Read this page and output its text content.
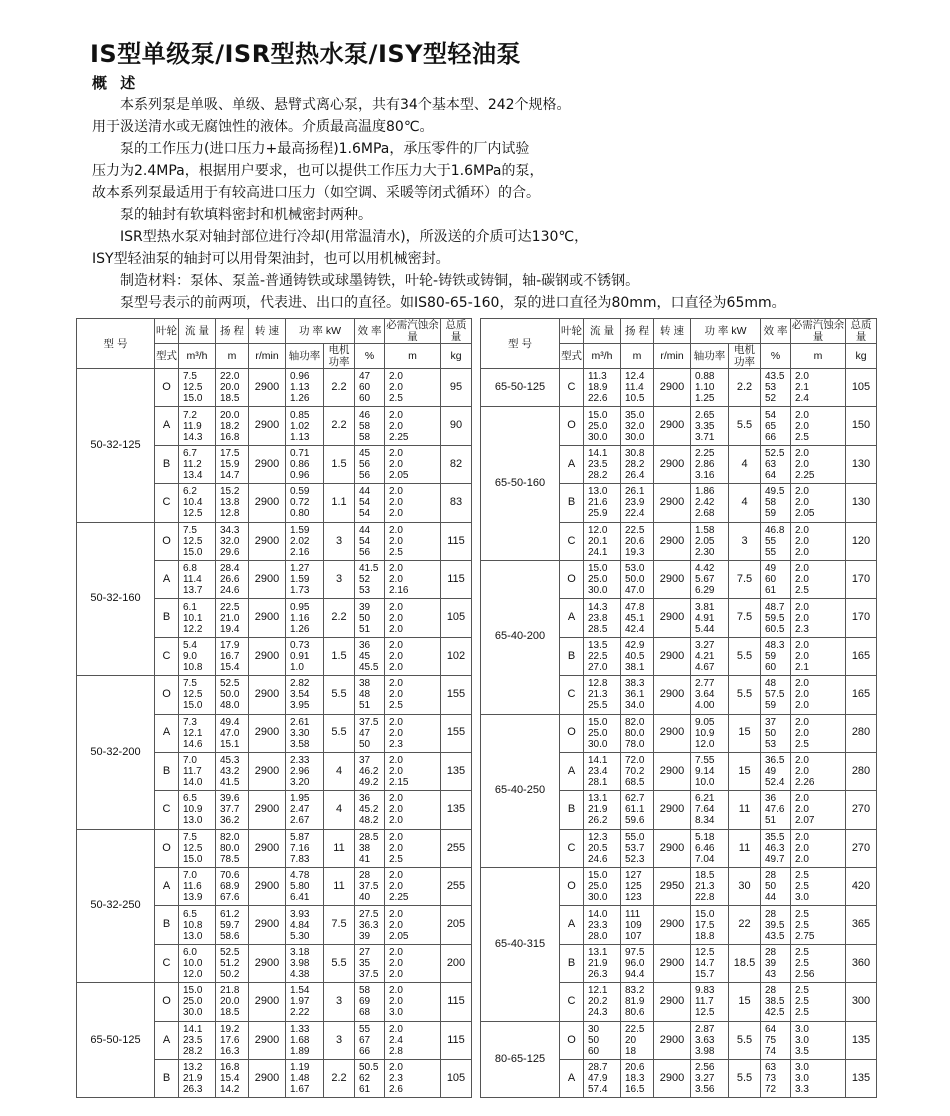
IS型单级泵/ISR型热水泵/ISY型轻油泵
概 述

本系列泵是单吸、单级、悬臂式离心泵，共有34个基本型、242个规格。

用于汲送清水或无腐蚀性的液体。介质最高温度80℃。

泵的工作压力(进口压力+最高扬程)1.6MPa，承压零件的厂内试验

压力为2.4MPa，根据用户要求，也可以提供工作压力大于1.6MPa的泵，

故本系列泵最适用于有较高进口压力（如空调、采暖等闭式循环）的合。

泵的轴封有软填料密封和机械密封两种。

ISR型热水泵对轴封部位进行冷却(用常温清水)，所汲送的介质可达130℃，

ISY型轻油泵的轴封可以用骨架油封，也可以用机械密封。

制造材料：泵体、泵盖-普通铸铁或球墨铸铁，叶轮-铸铁或铸铜，轴-碳钢或不锈钢。

泵型号表示的前两项，代表进、出口的直径。如IS80-65-160，泵的进口直径为80mm，口直径为65mm。

型 号	叶轮	流 量	扬 程	转 速	功 率 kW		效 率	必需汽蚀余量	总质量
	型式	m³/h	m	r/min	轴功率	电机功率	%	m	kg
50-32-125	O	7.5
12.5
15.0	22.0
20.0
18.5	2900	0.96
1.13
1.26	2.2	47
60
60	2.0
2.0
2.5	95
	A	7.2
11.9
14.3	20.0
18.2
16.8	2900	0.85
1.02
1.13	2.2	46
58
58	2.0
2.0
2.25	90
	B	6.7
11.2
13.4	17.5
15.9
14.7	2900	0.71
0.86
0.96	1.5	45
56
56	2.0
2.0
2.05	82
	C	6.2
10.4
12.5	15.2
13.8
12.8	2900	0.59
0.72
0.80	1.1	44
54
54	2.0
2.0
2.0	83
50-32-160	O	7.5
12.5
15.0	34.3
32.0
29.6	2900	1.59
2.02
2.16	3	44
54
56	2.0
2.0
2.5	115
	A	6.8
11.4
13.7	28.4
26.6
24.6	2900	1.27
1.59
1.73	3	41.5
52
53	2.0
2.0
2.16	115
	B	6.1
10.1
12.2	22.5
21.0
19.4	2900	0.95
1.16
1.26	2.2	39
50
51	2.0
2.0
2.0	105
	C	5.4
9.0
10.8	17.9
16.7
15.4	2900	0.73
0.91
1.0	1.5	36
45
45.5	2.0
2.0
2.0	102
50-32-200	O	7.5
12.5
15.0	52.5
50.0
48.0	2900	2.82
3.54
3.95	5.5	38
48
51	2.0
2.0
2.5	155
	A	7.3
12.1
14.6	49.4
47.0
15.1	2900	2.61
3.30
3.58	5.5	37.5
47
50	2.0
2.0
2.3	155
	B	7.0
11.7
14.0	45.3
43.2
41.5	2900	2.33
2.96
3.20	4	37
46.2
49.2	2.0
2.0
2.15	135
	C	6.5
10.9
13.0	39.6
37.7
36.2	2900	1.95
2.47
2.67	4	36
45.2
48.2	2.0
2.0
2.0	135
50-32-250	O	7.5
12.5
15.0	82.0
80.0
78.5	2900	5.87
7.16
7.83	11	28.5
38
41	2.0
2.0
2.5	255
	A	7.0
11.6
13.9	70.6
68.9
67.6	2900	4.78
5.80
6.41	11	28
37.5
40	2.0
2.0
2.25	255
	B	6.5
10.8
13.0	61.2
59.7
58.6	2900	3.93
4.84
5.30	7.5	27.5
36.3
39	2.0
2.0
2.05	205
	C	6.0
10.0
12.0	52.5
51.2
50.2	2900	3.18
3.98
4.38	5.5	27
35
37.5	2.0
2.0
2.0	200
65-50-125	O	15.0
25.0
30.0	21.8
20.0
18.5	2900	1.54
1.97
2.22	3	58
69
68	2.0
2.0
3.0	115
	A	14.1
23.5
28.2	19.2
17.6
16.3	2900	1.33
1.68
1.89	3	55
67
66	2.0
2.4
2.8	115
	B	13.2
21.9
26.3	16.8
15.4
14.2	2900	1.19
1.48
1.67	2.2	50.5
62
61	2.0
2.3
2.6	105
型 号	叶轮	流 量	扬 程	转 速	功 率 kW		效 率	必需汽蚀余量	总质量
	型式	m³/h	m	r/min	轴功率	电机功率	%	m	kg
65-50-125	C	11.3
18.9
22.6	12.4
11.4
10.5	2900	0.88
1.10
1.25	2.2	43.5
53
52	2.0
2.1
2.4	105
65-50-160	O	15.0
25.0
30.0	35.0
32.0
30.0	2900	2.65
3.35
3.71	5.5	54
65
66	2.0
2.0
2.5	150
	A	14.1
23.5
28.2	30.8
28.2
26.4	2900	2.25
2.86
3.16	4	52.5
63
64	2.0
2.0
2.25	130
	B	13.0
21.6
25.9	26.1
23.9
22.4	2900	1.86
2.42
2.68	4	49.5
58
59	2.0
2.0
2.05	130
	C	12.0
20.1
24.1	22.5
20.6
19.3	2900	1.58
2.05
2.30	3	46.8
55
55	2.0
2.0
2.0	120
65-40-200	O	15.0
25.0
30.0	53.0
50.0
47.0	2900	4.42
5.67
6.29	7.5	49
60
61	2.0
2.0
2.5	170
	A	14.3
23.8
28.5	47.8
45.1
42.4	2900	3.81
4.91
5.44	7.5	48.7
59.5
60.5	2.0
2.0
2.3	170
	B	13.5
22.5
27.0	42.9
40.5
38.1	2900	3.27
4.21
4.67	5.5	48.3
59
60	2.0
2.0
2.1	165
	C	12.8
21.3
25.5	38.3
36.1
34.0	2900	2.77
3.64
4.00	5.5	48
57.5
59	2.0
2.0
2.0	165
65-40-250	O	15.0
25.0
30.0	82.0
80.0
78.0	2900	9.05
10.9
12.0	15	37
50
53	2.0
2.0
2.5	280
	A	14.1
23.4
28.1	72.0
70.2
68.5	2900	7.55
9.14
10.0	15	36.5
49
52.4	2.0
2.0
2.26	280
	B	13.1
21.9
26.2	62.7
61.1
59.6	2900	6.21
7.64
8.34	11	36
47.6
51	2.0
2.0
2.07	270
	C	12.3
20.5
24.6	55.0
53.7
52.3	2900	5.18
6.46
7.04	11	35.5
46.3
49.7	2.0
2.0
2.0	270
65-40-315	O	15.0
25.0
30.0	127
125
123	2950	18.5
21.3
22.8	30	28
50
44	2.5
2.5
3.0	420
	A	14.0
23.3
28.0	111
109
107	2900	15.0
17.5
18.8	22	28
39.5
43.5	2.5
2.5
2.75	365
	B	13.1
21.9
26.3	97.5
96.0
94.4	2900	12.5
14.7
15.7	18.5	28
39
43	2.5
2.5
2.56	360
	C	12.1
20.2
24.3	83.2
81.9
80.6	2900	9.83
11.7
12.5	15	28
38.5
42.5	2.5
2.5
2.5	300
80-65-125	O	30
50
60	22.5
20
18	2900	2.87
3.63
3.98	5.5	64
75
74	3.0
3.0
3.5	135
	A	28.7
47.9
57.4	20.6
18.3
16.5	2900	2.56
3.27
3.56	5.5	63
73
72	3.0
3.0
3.3	135
